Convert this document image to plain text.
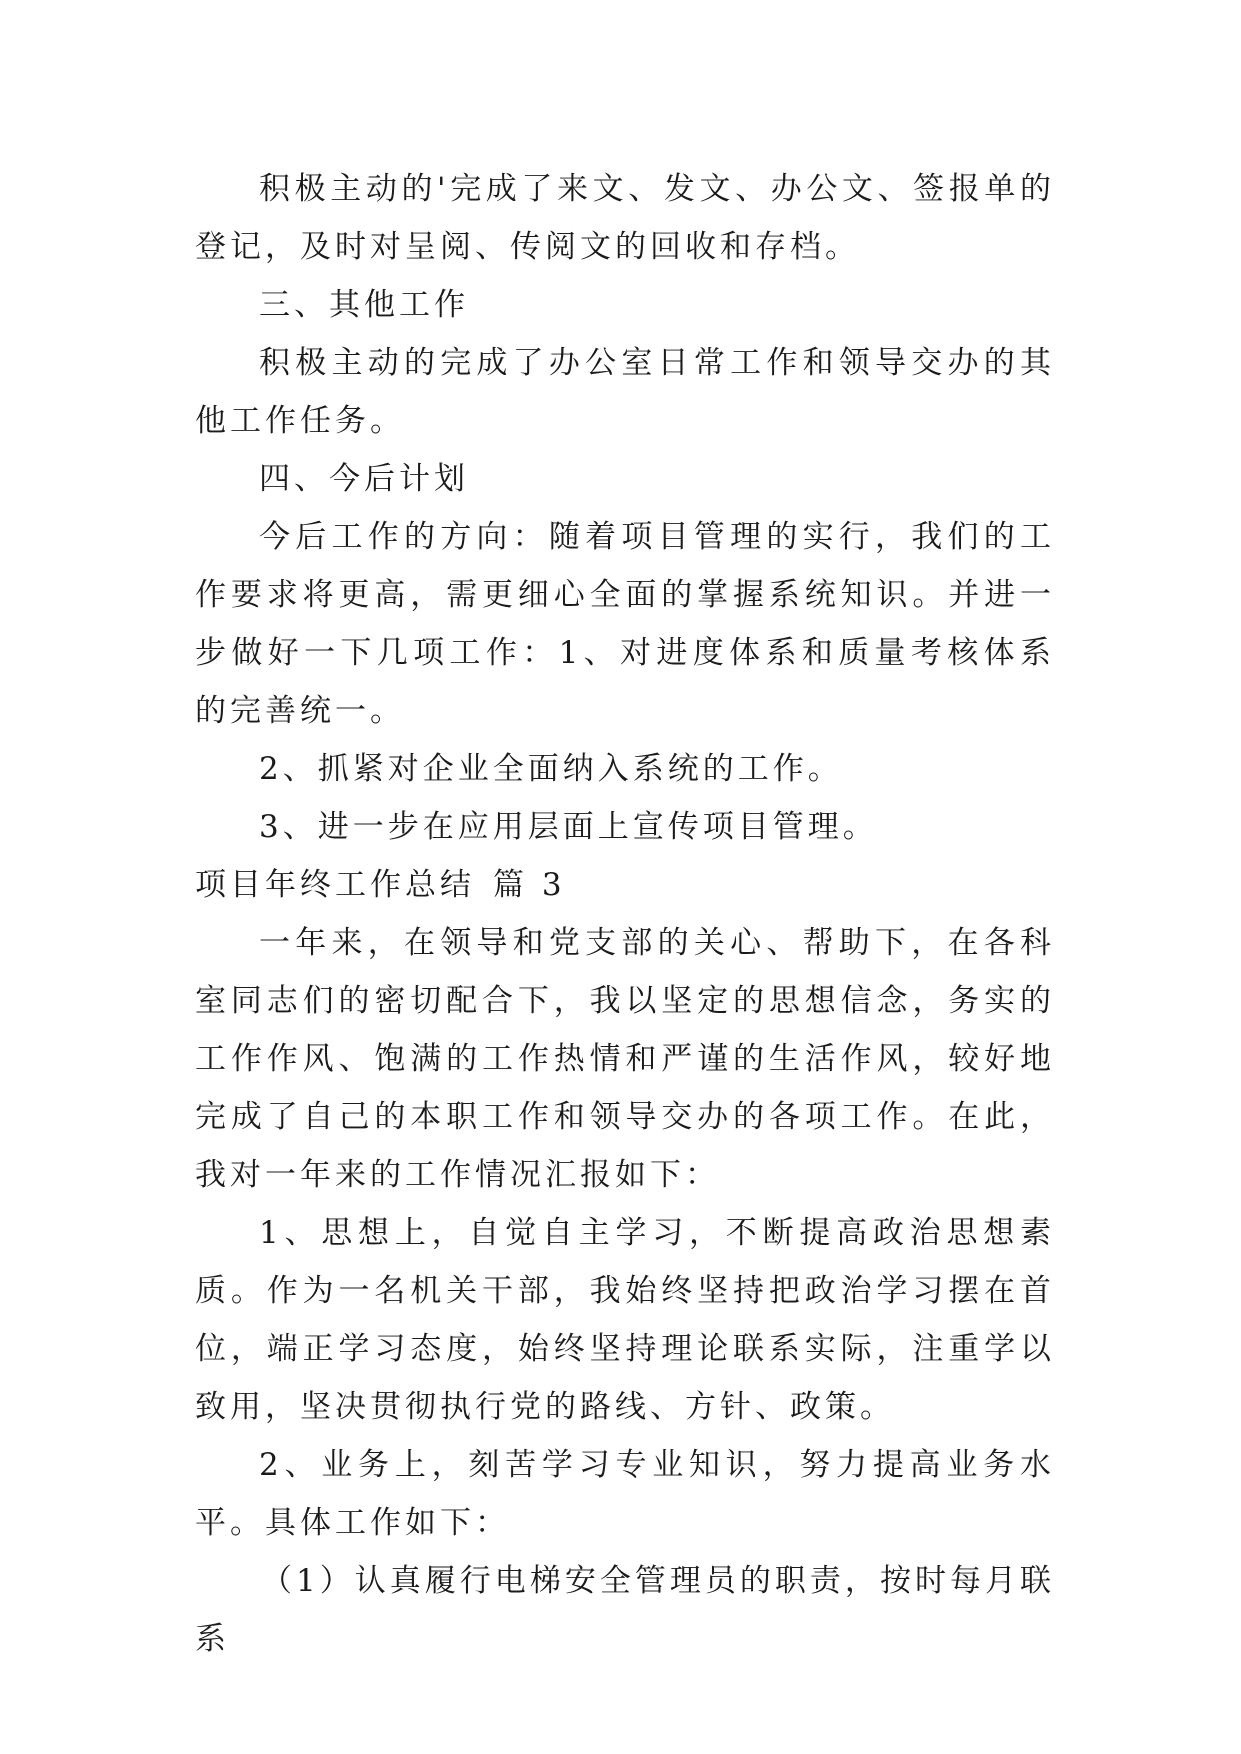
积极主动的'完成了来文、发文、办公文、签报单的登记，及时对呈阅、传阅文的回收和存档。

三、其他工作

积极主动的完成了办公室日常工作和领导交办的其他工作任务。

四、今后计划

今后工作的方向：随着项目管理的实行，我们的工作要求将更高，需更细心全面的掌握系统知识。并进一步做好一下几项工作：1、对进度体系和质量考核体系的完善统一。

2、抓紧对企业全面纳入系统的工作。

3、进一步在应用层面上宣传项目管理。

项目年终工作总结 篇 3

一年来，在领导和党支部的关心、帮助下，在各科室同志们的密切配合下，我以坚定的思想信念，务实的工作作风、饱满的工作热情和严谨的生活作风，较好地完成了自己的本职工作和领导交办的各项工作。在此，我对一年来的工作情况汇报如下：

1、思想上，自觉自主学习，不断提高政治思想素质。作为一名机关干部，我始终坚持把政治学习摆在首位，端正学习态度，始终坚持理论联系实际，注重学以致用，坚决贯彻执行党的路线、方针、政策。

2、业务上，刻苦学习专业知识，努力提高业务水平。具体工作如下：

（1）认真履行电梯安全管理员的职责，按时每月联系
